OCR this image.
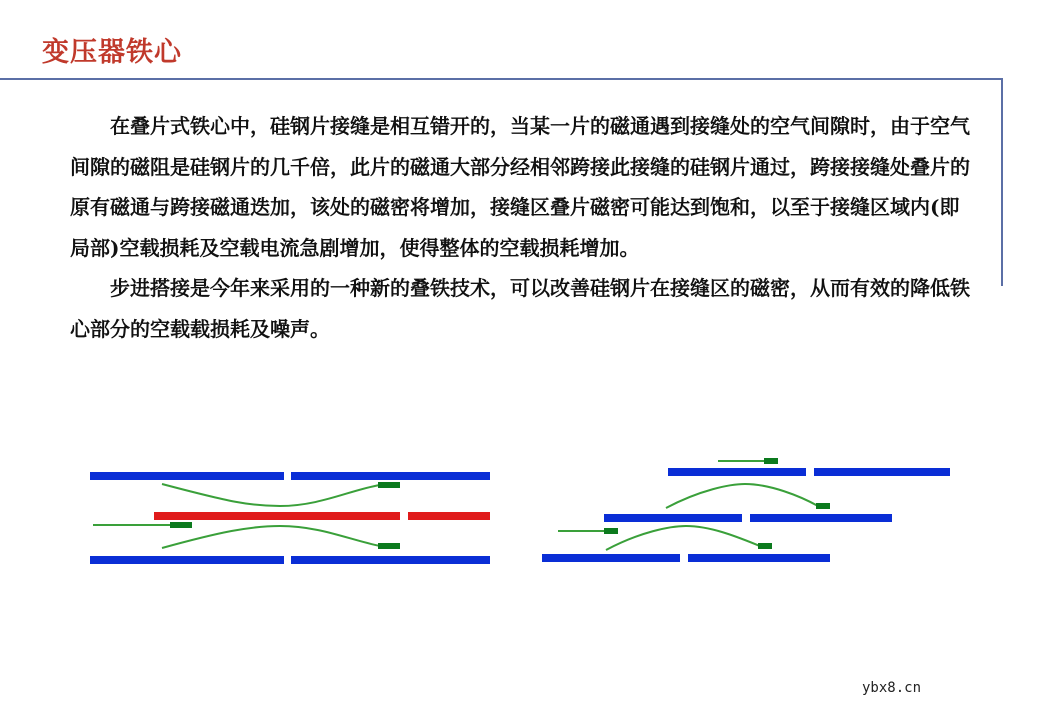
变压器铁心

在叠片式铁心中，硅钢片接缝是相互错开的，当某一片的磁通遇到接缝处的空气间隙时，由于空气间隙的磁阻是硅钢片的几千倍，此片的磁通大部分经相邻跨接此接缝的硅钢片通过，跨接接缝处叠片的原有磁通与跨接磁通迭加，该处的磁密将增加，接缝区叠片磁密可能达到饱和，以至于接缝区域内(即局部)空载损耗及空载电流急剧增加，使得整体的空载损耗增加。

步进搭接是今年来采用的一种新的叠铁技术，可以改善硅钢片在接缝区的磁密，从而有效的降低铁心部分的空载载损耗及噪声。

ybx8.cn
